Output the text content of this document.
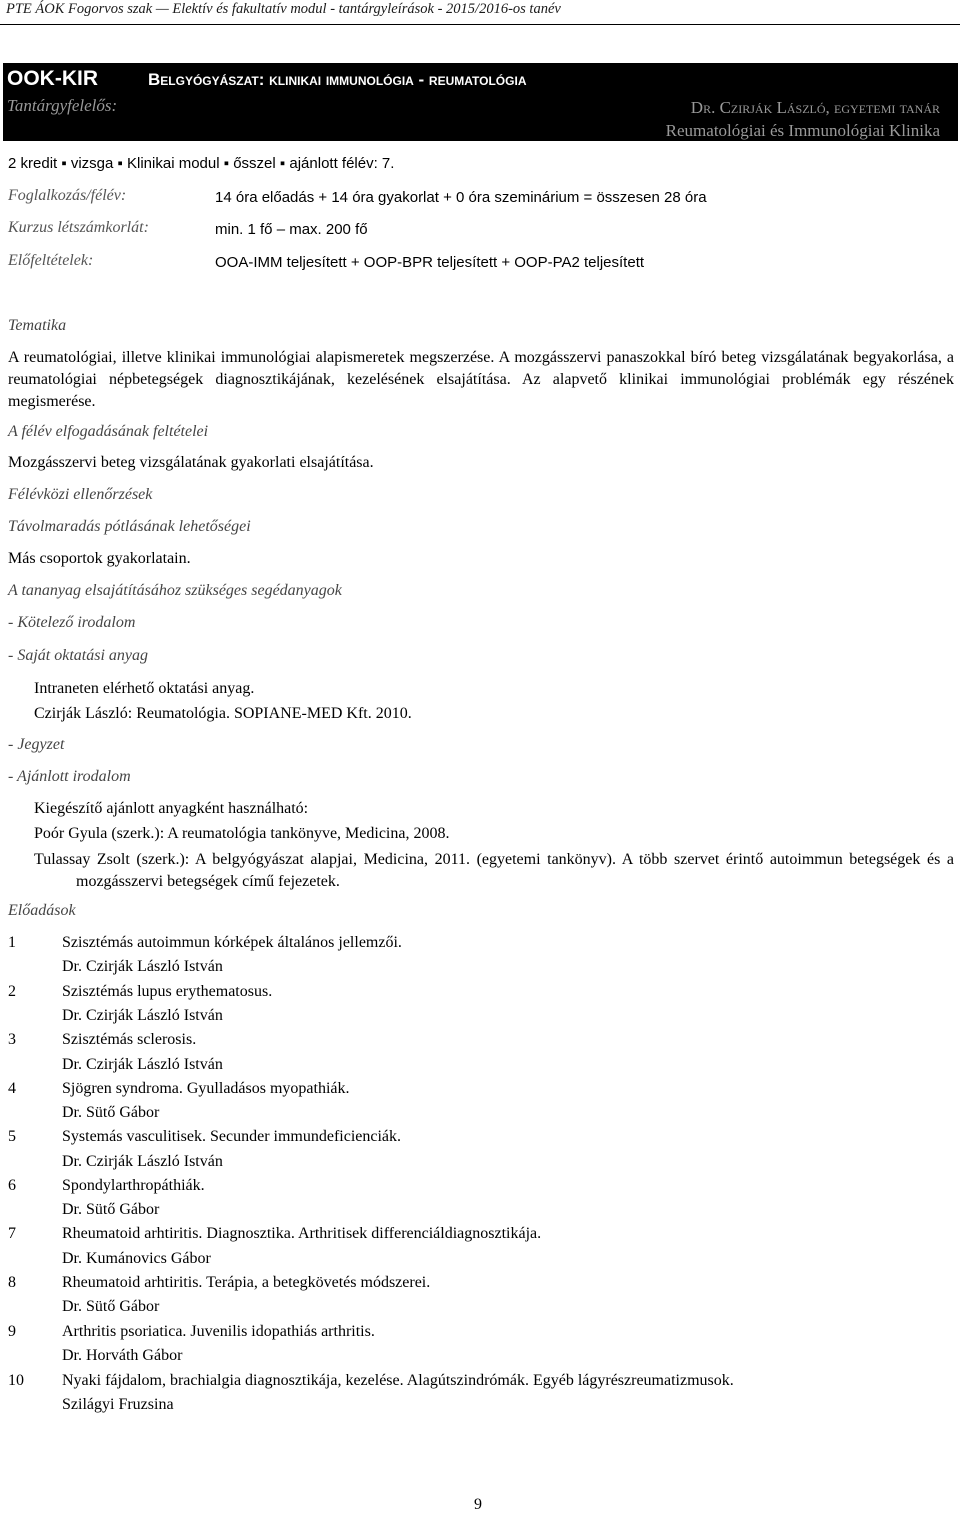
PTE ÁOK Fogorvos szak — Elektív és fakultatív modul - tantárgyleírások - 2015/2016-os tanév
OOK-KIR	Belgyógyászat: klinikai immunológia - reumatológia
Tantárgyfelelős:	Dr. Czirják László, egyetemi tanár
Reumatológiai és Immunológiai Klinika
2 kredit ▪ vizsga ▪ Klinikai modul ▪ ősszel ▪ ajánlott félév: 7.
Foglalkozás/félév:	14 óra előadás + 14 óra gyakorlat + 0 óra szeminárium = összesen 28 óra
Kurzus létszámkorlát:	min. 1 fő – max. 200 fő
Előfeltételek:	OOA-IMM teljesített + OOP-BPR teljesített + OOP-PA2 teljesített
Tematika
A reumatológiai, illetve klinikai immunológiai alapismeretek megszerzése. A mozgásszervi panaszokkal bíró beteg vizsgálatának begyakorlása, a reumatológiai népbetegségek diagnosztikájának, kezelésének elsajátítása. Az alapvető klinikai immunológiai problémák egy részének megismerése.
A félév elfogadásának feltételei
Mozgásszervi beteg vizsgálatának gyakorlati elsajátítása.
Félévközi ellenőrzések
Távolmaradás pótlásának lehetőségei
Más csoportok gyakorlatain.
A tananyag elsajátításához szükséges segédanyagok
- Kötelező irodalom
- Saját oktatási anyag
Intraneten elérhető oktatási anyag.
Czirják László: Reumatológia. SOPIANE-MED Kft. 2010.
- Jegyzet
- Ajánlott irodalom
Kiegészítő ajánlott anyagként használható:
Poór Gyula (szerk.): A reumatológia tankönyve, Medicina, 2008.
Tulassay Zsolt (szerk.): A belgyógyászat alapjai, Medicina, 2011. (egyetemi tankönyv). A több szervet érintő autoimmun betegségek és a mozgásszervi betegségek című fejezetek.
Előadások
1	Szisztémás autoimmun kórképek általános jellemzői.
Dr. Czirják László István
2	Szisztémás lupus erythematosus.
Dr. Czirják László István
3	Szisztémás sclerosis.
Dr. Czirják László István
4	Sjögren syndroma. Gyulladásos myopathiák.
Dr. Sütő Gábor
5	Systemás vasculitisek. Secunder immundeficienciák.
Dr. Czirják László István
6	Spondylarthropáthiák.
Dr. Sütő Gábor
7	Rheumatoid arhtiritis. Diagnosztika. Arthritisek differenciáldiagnosztikája.
Dr. Kumánovics Gábor
8	Rheumatoid arhtiritis. Terápia, a betegkövetés módszerei.
Dr. Sütő Gábor
9	Arthritis psoriatica. Juvenilis idopathiás arthritis.
Dr. Horváth Gábor
10 Nyaki fájdalom, brachialgia diagnosztikája, kezelése. Alagútszindrómák. Egyéb lágyrészreumatizmusok.
Szilágyi Fruzsina
9
